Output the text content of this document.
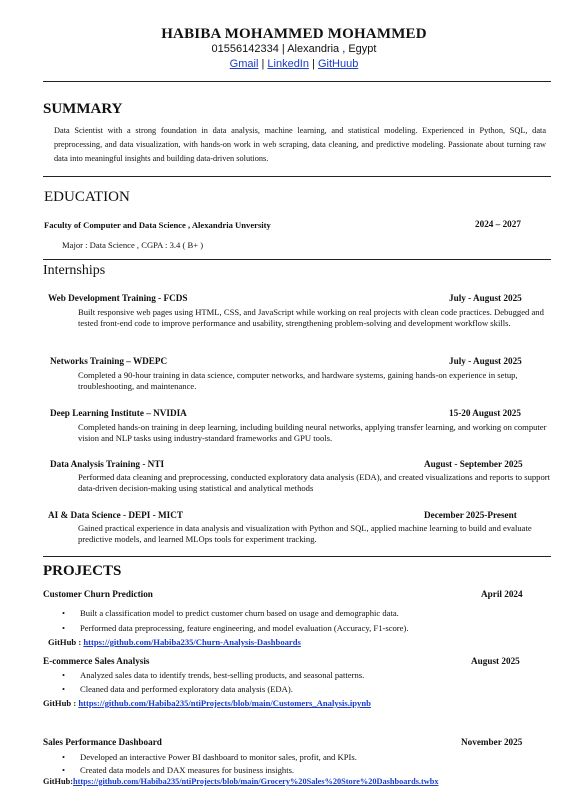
HABIBA MOHAMMED MOHAMMED
01556142334 | Alexandria , Egypt
Gmail | LinkedIn | GitHuub
SUMMARY
Data Scientist with a strong foundation in data analysis, machine learning, and statistical modeling. Experienced in Python, SQL, data preprocessing, and data visualization, with hands-on work in web scraping, data cleaning, and predictive modeling. Passionate about turning raw data into meaningful insights and building data-driven solutions.
EDUCATION
Faculty of Computer and Data Science , Alexandria Unversity	2024 – 2027
Major : Data Science , CGPA : 3.4 ( B+ )
Internships
Web Development Training - FCDS	July - August 2025
Built responsive web pages using HTML, CSS, and JavaScript while working on real projects with clean code practices. Debugged and tested front-end code to improve performance and usability, strengthening problem-solving and development workflow skills.
Networks Training – WDEPC	July - August 2025
Completed a 90-hour training in data science, computer networks, and hardware systems, gaining hands-on experience in setup, troubleshooting, and maintenance.
Deep Learning Institute – NVIDIA	15-20 August 2025
Completed hands-on training in deep learning, including building neural networks, applying transfer learning, and working on computer vision and NLP tasks using industry-standard frameworks and GPU tools.
Data Analysis Training - NTI	August - September 2025
Performed data cleaning and preprocessing, conducted exploratory data analysis (EDA), and created visualizations and reports to support data-driven decision-making using statistical and analytical methods
AI & Data Science - DEPI - MICT	December 2025-Present
Gained practical experience in data analysis and visualization with Python and SQL, applied machine learning to build and evaluate predictive models, and learned MLOps tools for experiment tracking.
PROJECTS
Customer Churn Prediction	April 2024
• Built a classification model to predict customer churn based on usage and demographic data.
• Performed data preprocessing, feature engineering, and model evaluation (Accuracy, F1-score).
GitHub : https://github.com/Habiba235/Churn-Analysis-Dashboards
E-commerce Sales Analysis	August 2025
• Analyzed sales data to identify trends, best-selling products, and seasonal patterns.
• Cleaned data and performed exploratory data analysis (EDA).
GitHub : https://github.com/Habiba235/ntiProjects/blob/main/Customers_Analysis.ipynb
Sales Performance Dashboard	November 2025
• Developed an interactive Power BI dashboard to monitor sales, profit, and KPIs.
• Created data models and DAX measures for business insights.
GitHub:https://github.com/Habiba235/ntiProjects/blob/main/Grocery%20Sales%20Store%20Dashboards.twbx
